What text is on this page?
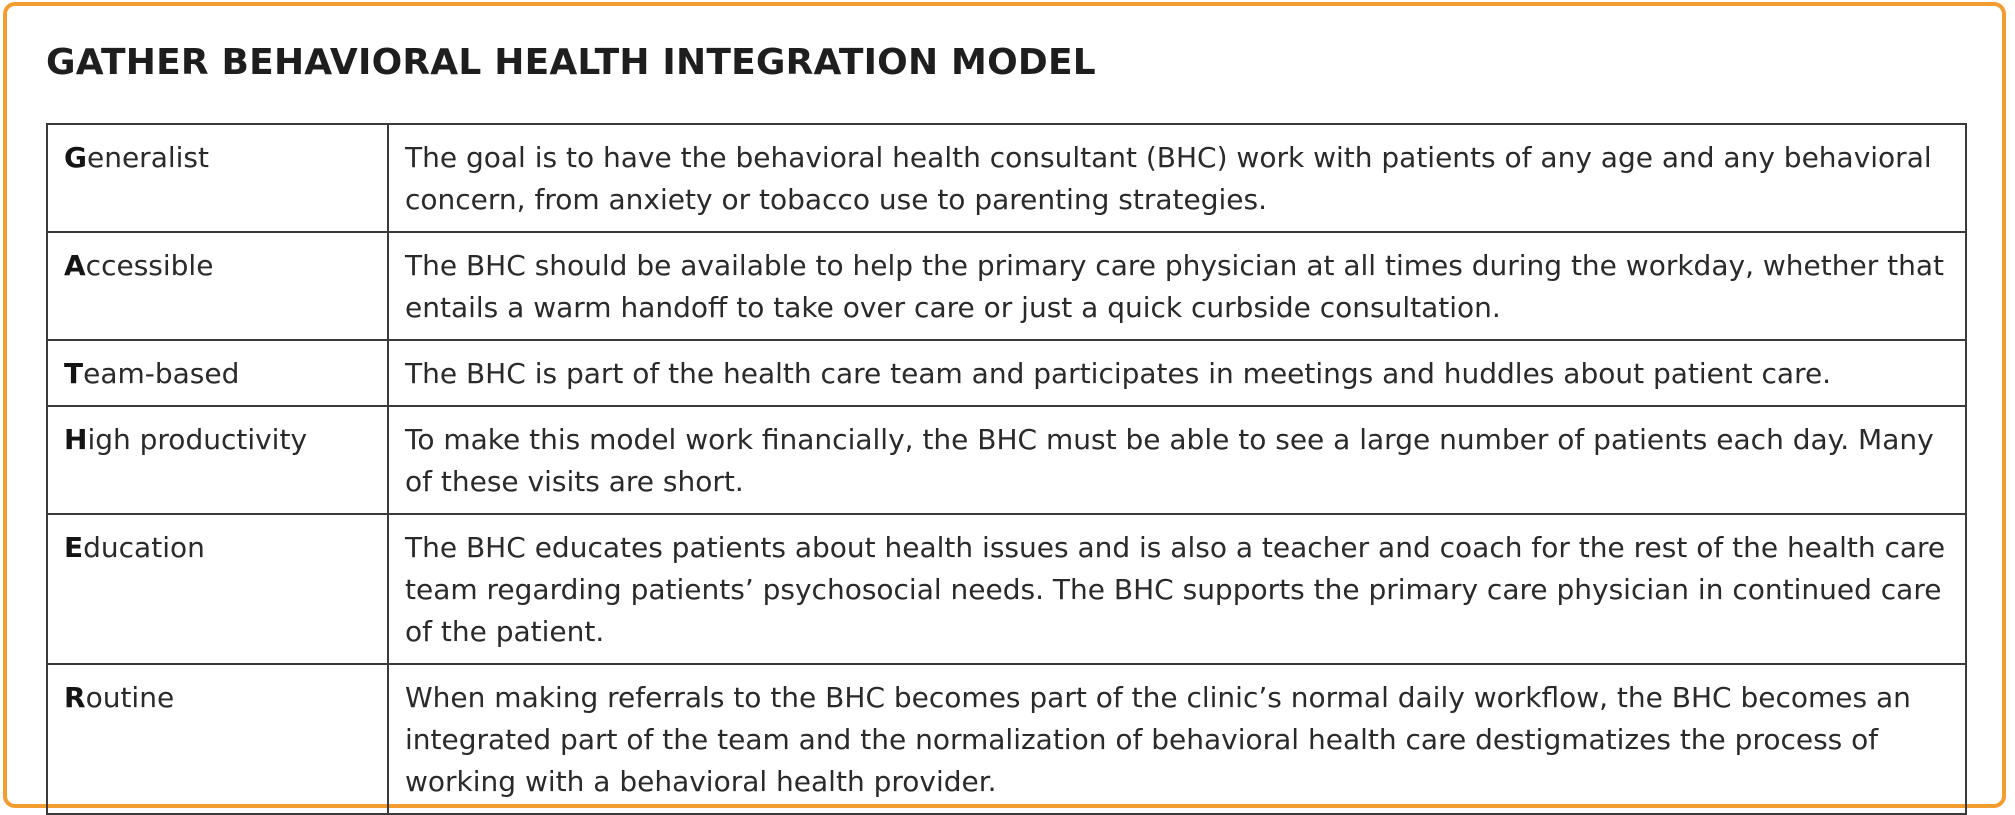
GATHER BEHAVIORAL HEALTH INTEGRATION MODEL
Generalist	The goal is to have the behavioral health consultant (BHC) work with patients of any age and any behavioral concern, from anxiety or tobacco use to parenting strategies.
Accessible	The BHC should be available to help the primary care physician at all times during the workday, whether that entails a warm handoff to take over care or just a quick curbside consultation.
Team-based	The BHC is part of the health care team and participates in meetings and huddles about patient care.
High productivity	To make this model work financially, the BHC must be able to see a large number of patients each day. Many of these visits are short.
Education	The BHC educates patients about health issues and is also a teacher and coach for the rest of the health care team regarding patients’ psychosocial needs. The BHC supports the primary care physician in continued care of the patient.
Routine	When making referrals to the BHC becomes part of the clinic’s normal daily workflow, the BHC becomes an integrated part of the team and the normalization of behavioral health care destigmatizes the process of working with a behavioral health provider.
